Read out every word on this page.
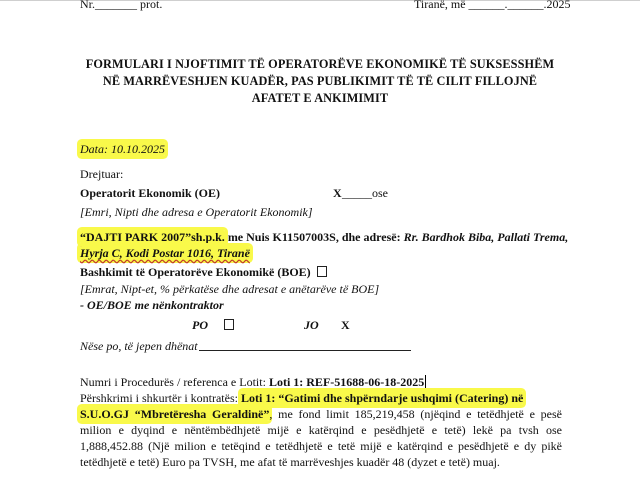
Nr._______ prot.	Tiranë, më ______.______.2025
FORMULARI I NJOFTIMIT TË OPERATORËVE EKONOMIKË TË SUKSESSHËM
NË MARRËVESHJEN KUADËR, PAS PUBLIKIMIT TË TË CILIT FILLOJNË
AFATET E ANKIMIMIT
Data: 10.10.2025
Drejtuar:
Operatorit Ekonomik (OE)	X _____ose
[Emri, Nipti dhe adresa e Operatorit Ekonomik]
“DAJTI PARK 2007”sh.p.k. me Nuis K11507003S, dhe adresë: Rr. Bardhok Biba, Pallati Trema,
Hyrja C, Kodi Postar 1016, Tiranë
Bashkimit të Operatorëve Ekonomikë (BOE)
[Emrat, Nipt-et, % përkatëse dhe adresat e anëtarëve të BOE]
- OE/BOE me nënkontraktor
PO	JO X
Nëse po, të jepen dhënat
Numri i Procedurës / referenca e Lotit: Loti 1: REF-51688-06-18-2025
Përshkrimi i shkurtër i kontratës: Loti 1: “Gatimi dhe shpërndarje ushqimi (Catering) në
S.U.O.GJ “Mbretëresha Geraldinë”, me fond limit 185,219,458 (njëqind e tetëdhjetë e pesë
milion e dyqind e nëntëmbëdhjetë mijë e katërqind e pesëdhjetë e tetë) lekë pa tvsh ose
1,888,452.88 (Një milion e tetëqind e tetëdhjetë e tetë mijë e katërqind e pesëdhjetë e dy pikë
tetëdhjetë e tetë) Euro pa TVSH, me afat të marrëveshjes kuadër 48 (dyzet e tetë) muaj.
